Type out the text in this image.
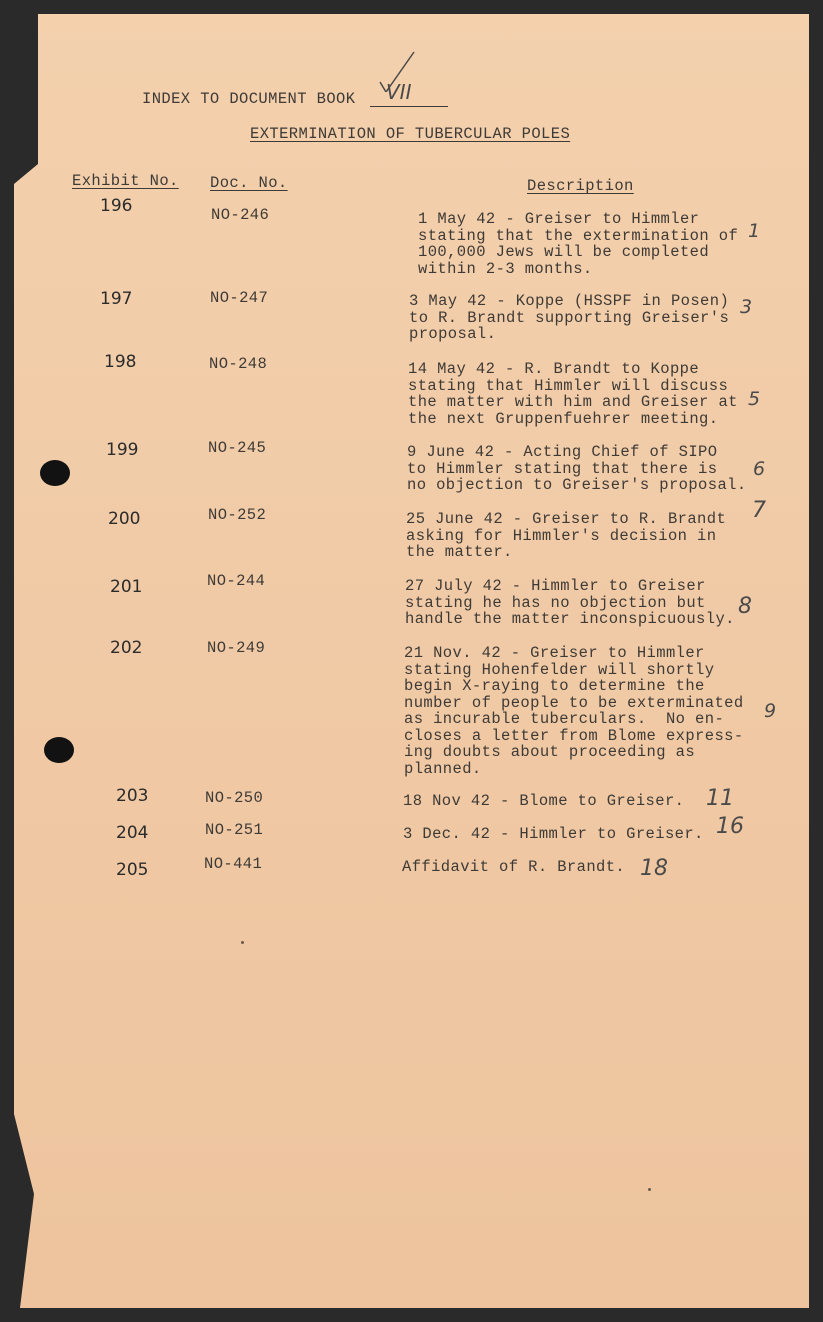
INDEX TO DOCUMENT BOOK VII
EXTERMINATION OF TUBERCULAR POLES
Exhibit No. Doc. No.	Description
196	NO-246	1 May 42 - Greiser to Himmler
stating that the extermination of
100,000 Jews will be completed
within 2-3 months.
1
197	NO-247	3 May 42 - Koppe (HSSPF in Posen)
to R. Brandt supporting Greiser's
proposal.
3
198	NO-248	14 May 42 - R. Brandt to Koppe
stating that Himmler will discuss
the matter with him and Greiser at
the next Gruppenfuehrer meeting.
5
199	NO-245	9 June 42 - Acting Chief of SIPO
to Himmler stating that there is
no objection to Greiser's proposal.
6
200	NO-252	25 June 42 - Greiser to R. Brandt
asking for Himmler's decision in
the matter.
7
201	NO-244	27 July 42 - Himmler to Greiser
stating he has no objection but
handle the matter inconspicuously. 8
202	NO-249	21 Nov. 42 - Greiser to Himmler
stating Hohenfelder will shortly
begin X-raying to determine the
number of people to be exterminated
as incurable tuberculars.  No en-
closes a letter from Blome express-
ing doubts about proceeding as
planned.
9
203	NO-250	18 Nov 42 - Blome to Greiser. 11
204	NO-251	3 Dec. 42 - Himmler to Greiser. 16
205	NO-441	Affidavit of R. Brandt. 18
